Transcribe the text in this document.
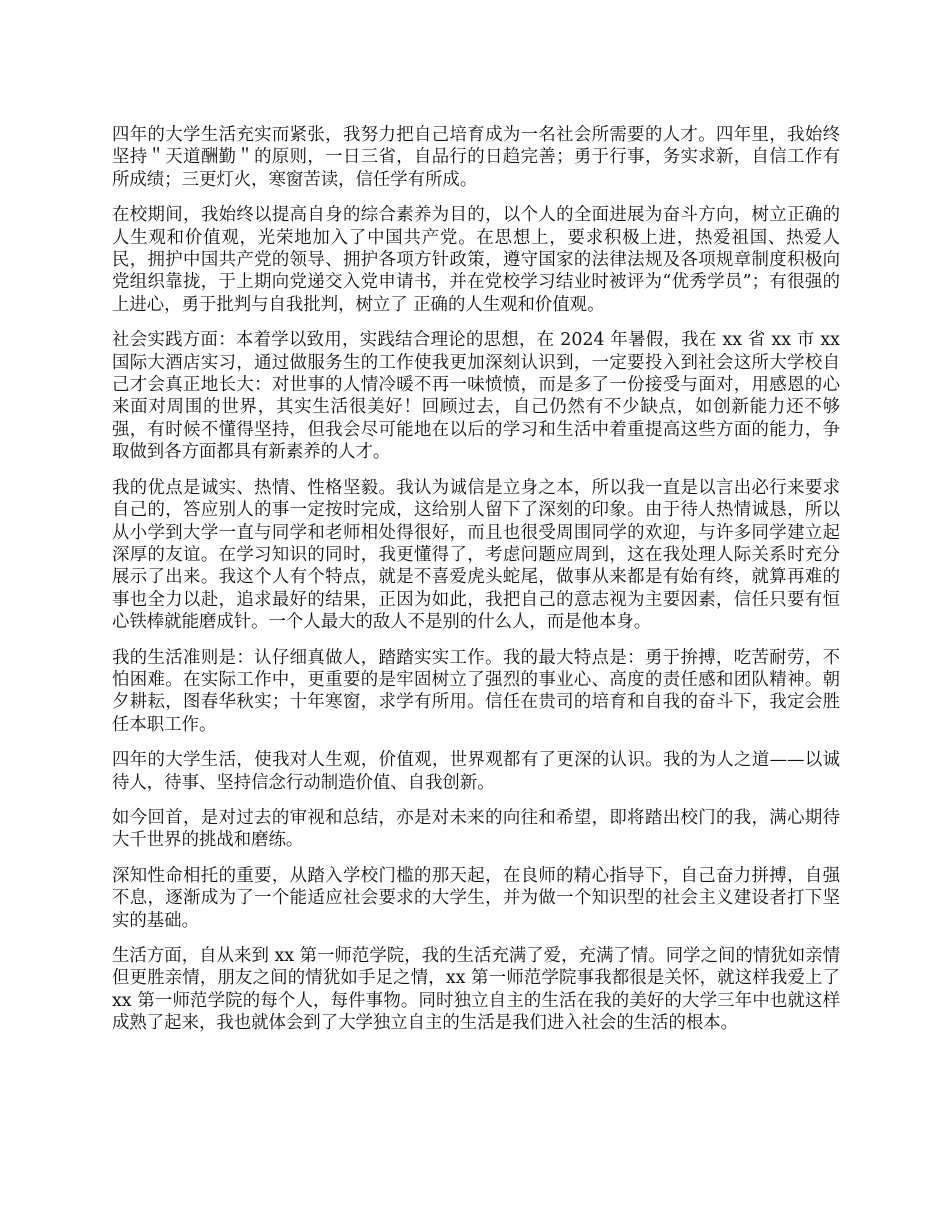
四年的大学生活充实而紧张，我努力把自己培育成为一名社会所需要的人才。四年里，我始终坚持＂天道酬勤＂的原则，一日三省，自品行的日趋完善；勇于行事，务实求新，自信工作有所成绩；三更灯火，寒窗苦读，信任学有所成。

在校期间，我始终以提高自身的综合素养为目的，以个人的全面进展为奋斗方向，树立正确的人生观和价值观，光荣地加入了中国共产党。在思想上，要求积极上进，热爱祖国、热爱人民，拥护中国共产党的领导、拥护各项方针政策，遵守国家的法律法规及各项规章制度积极向党组织靠拢，于上期向党递交入党申请书，并在党校学习结业时被评为“优秀学员”；有很强的上进心，勇于批判与自我批判，树立了 正确的人生观和价值观。

社会实践方面：本着学以致用，实践结合理论的思想，在 2024 年暑假，我在 xx 省 xx 市 xx 国际大酒店实习，通过做服务生的工作使我更加深刻认识到，一定要投入到社会这所大学校自己才会真正地长大：对世事的人情冷暖不再一味愤愤，而是多了一份接受与面对，用感恩的心来面对周围的世界，其实生活很美好！回顾过去，自己仍然有不少缺点，如创新能力还不够强，有时候不懂得坚持，但我会尽可能地在以后的学习和生活中着重提高这些方面的能力，争取做到各方面都具有新素养的人才。

我的优点是诚实、热情、性格坚毅。我认为诚信是立身之本，所以我一直是以言出必行来要求自己的，答应别人的事一定按时完成，这给别人留下了深刻的印象。由于待人热情诚恳，所以从小学到大学一直与同学和老师相处得很好，而且也很受周围同学的欢迎，与许多同学建立起深厚的友谊。在学习知识的同时，我更懂得了，考虑问题应周到，这在我处理人际关系时充分展示了出来。我这个人有个特点，就是不喜爱虎头蛇尾，做事从来都是有始有终，就算再难的事也全力以赴，追求最好的结果，正因为如此，我把自己的意志视为主要因素，信任只要有恒心铁棒就能磨成针。一个人最大的敌人不是别的什么人，而是他本身。

我的生活准则是：认仔细真做人，踏踏实实工作。我的最大特点是：勇于拚搏，吃苦耐劳，不怕困难。在实际工作中，更重要的是牢固树立了强烈的事业心、高度的责任感和团队精神。朝夕耕耘，图春华秋实；十年寒窗，求学有所用。信任在贵司的培育和自我的奋斗下，我定会胜任本职工作。

四年的大学生活，使我对人生观，价值观，世界观都有了更深的认识。我的为人之道——以诚待人，待事、坚持信念行动制造价值、自我创新。

如今回首，是对过去的审视和总结，亦是对未来的向往和希望，即将踏出校门的我，满心期待大千世界的挑战和磨练。

深知性命相托的重要，从踏入学校门槛的那天起，在良师的精心指导下，自己奋力拼搏，自强不息，逐渐成为了一个能适应社会要求的大学生，并为做一个知识型的社会主义建设者打下坚实的基础。

生活方面，自从来到 xx 第一师范学院，我的生活充满了爱，充满了情。同学之间的情犹如亲情但更胜亲情，朋友之间的情犹如手足之情，xx 第一师范学院事我都很是关怀，就这样我爱上了 xx 第一师范学院的每个人，每件事物。同时独立自主的生活在我的美好的大学三年中也就这样成熟了起来，我也就体会到了大学独立自主的生活是我们进入社会的生活的根本。
